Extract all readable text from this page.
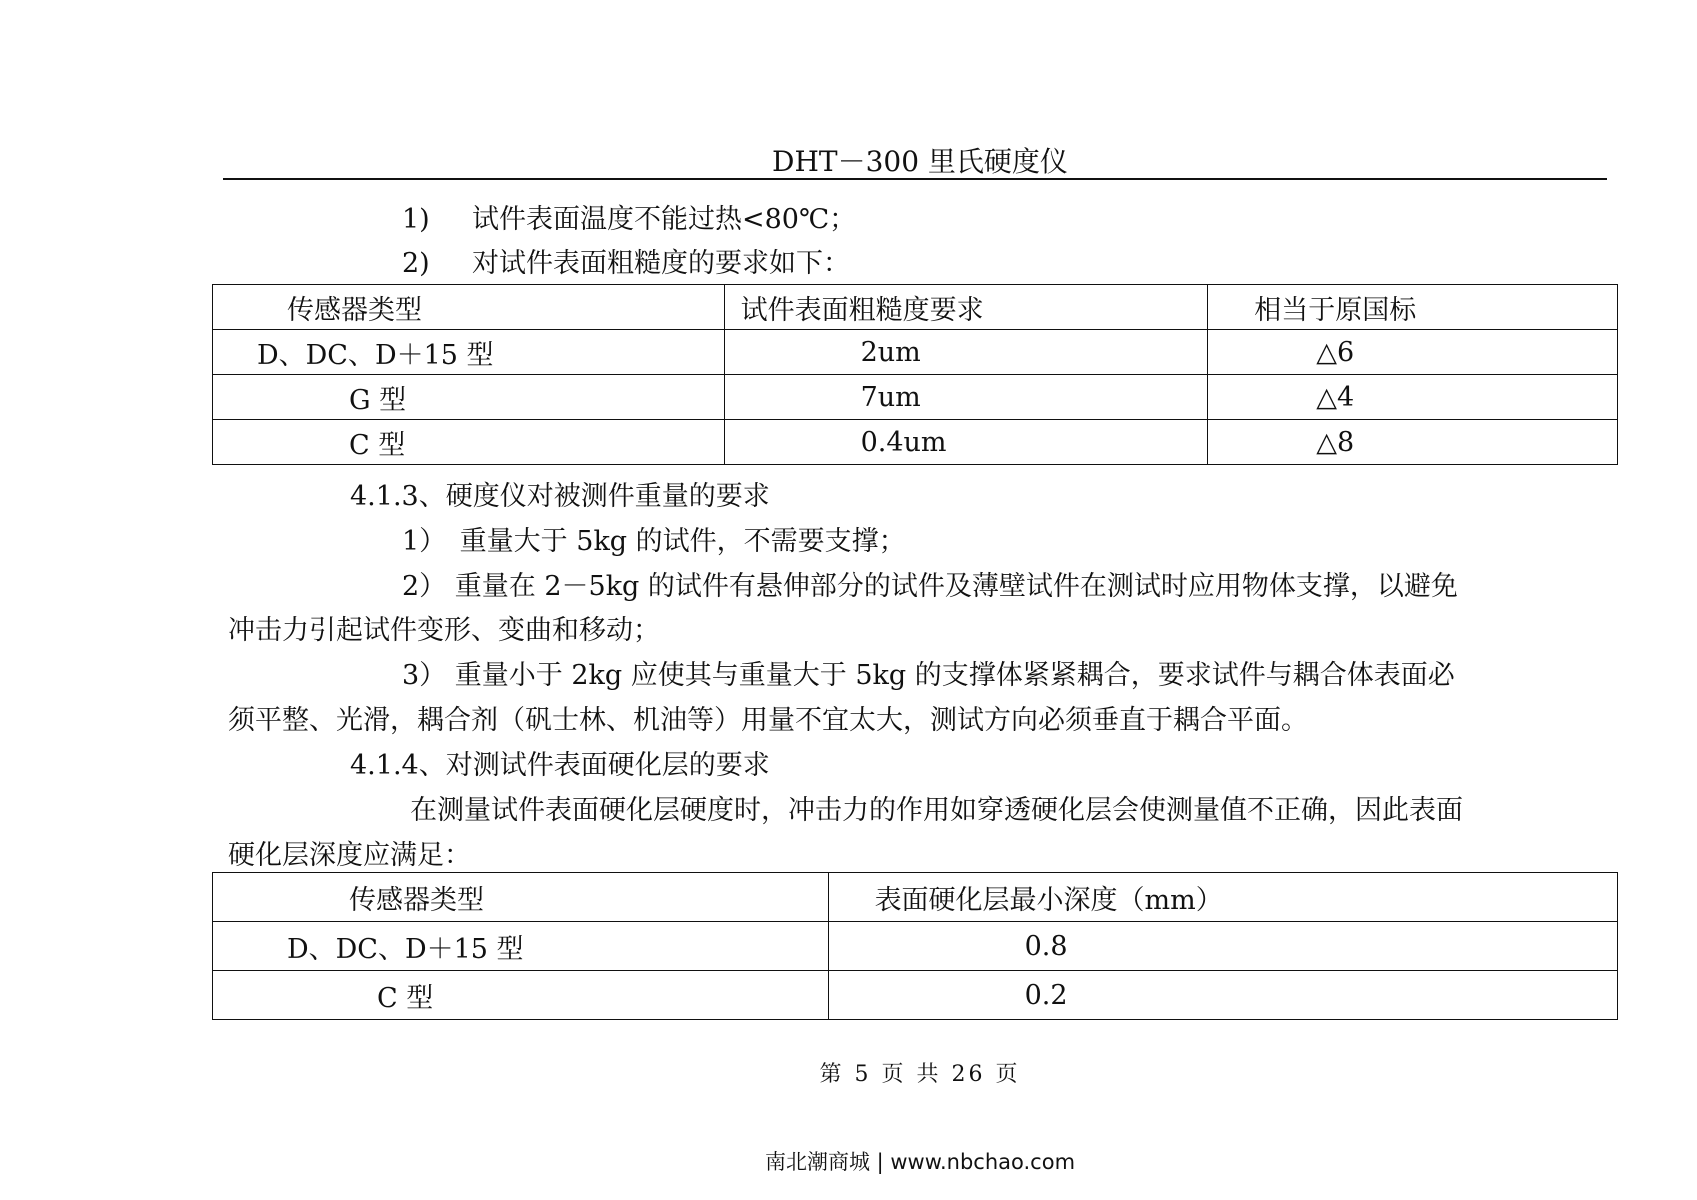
DHT－300 里氏硬度仪
1) 试件表面温度不能过热<80℃；
2) 对试件表面粗糙度的要求如下：
传感器类型	试件表面粗糙度要求	相当于原国标
D、DC、D＋15 型	2um	△6
G 型	7um	△4
C 型	0.4um	△8
4.1.3、硬度仪对被测件重量的要求
1）　重量大于 5kg 的试件，不需要支撑；
2） 重量在 2－5kg 的试件有悬伸部分的试件及薄壁试件在测试时应用物体支撑，以避免
冲击力引起试件变形、变曲和移动；
3） 重量小于 2kg 应使其与重量大于 5kg 的支撑体紧紧耦合，要求试件与耦合体表面必
须平整、光滑，耦合剂（矾士林、机油等）用量不宜太大，测试方向必须垂直于耦合平面。
4.1.4、对测试件表面硬化层的要求
在测量试件表面硬化层硬度时，冲击力的作用如穿透硬化层会使测量值不正确，因此表面
硬化层深度应满足：
传感器类型	表面硬化层最小深度（mm）
D、DC、D＋15 型	0.8
C 型	0.2
第 5 页 共 26 页
南北潮商城 | www.nbchao.com
